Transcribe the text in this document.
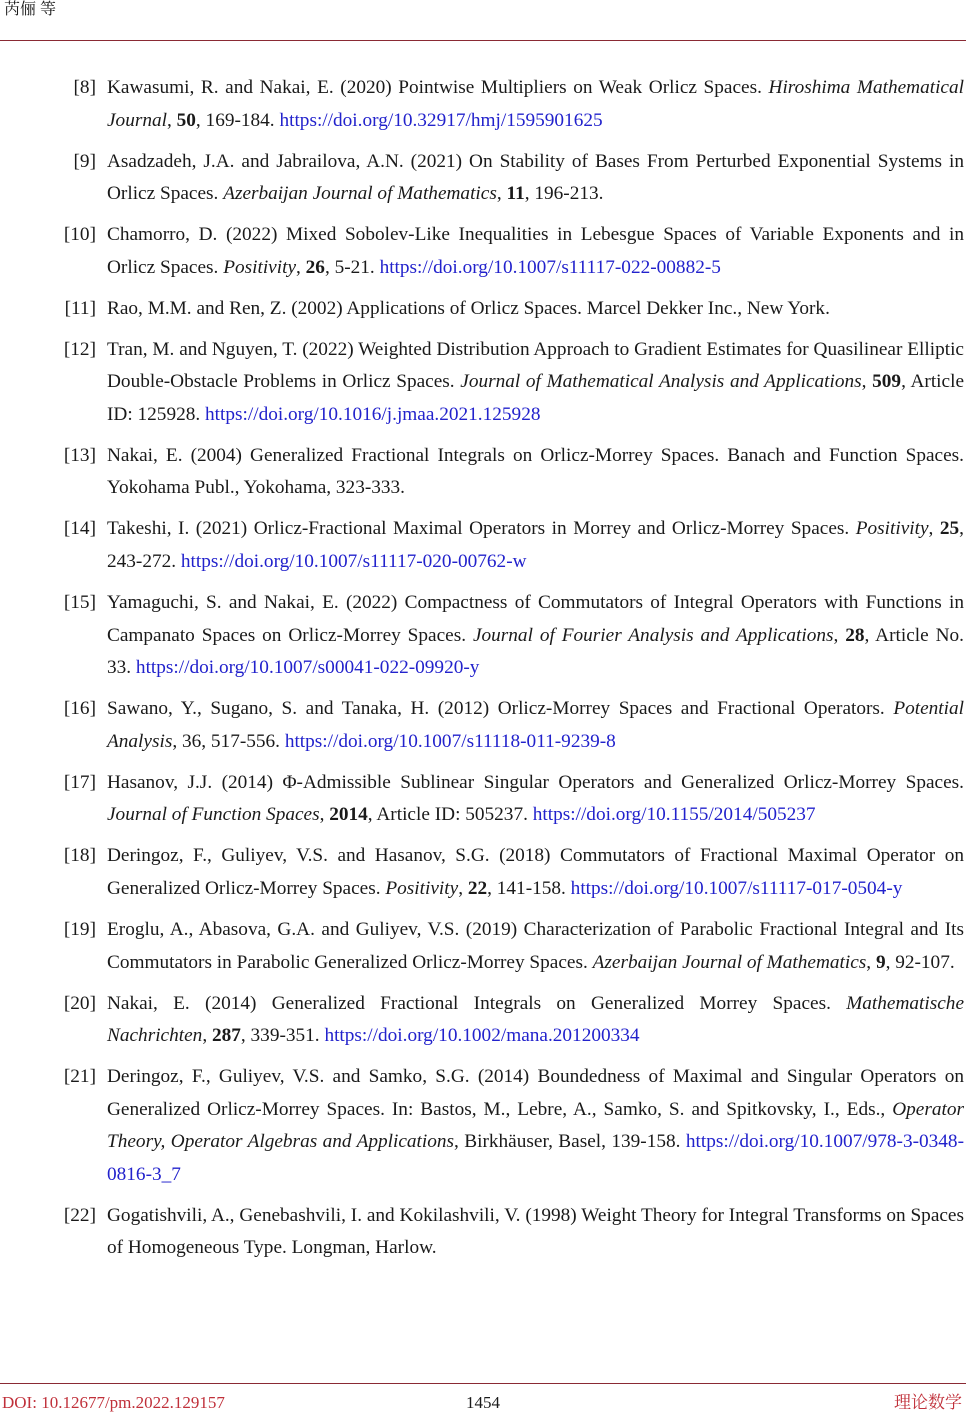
芮俪 等
[8] Kawasumi, R. and Nakai, E. (2020) Pointwise Multipliers on Weak Orlicz Spaces. Hiroshima Mathematical Journal, 50, 169-184. https://doi.org/10.32917/hmj/1595901625
[9] Asadzadeh, J.A. and Jabrailova, A.N. (2021) On Stability of Bases From Perturbed Exponential Systems in Orlicz Spaces. Azerbaijan Journal of Mathematics, 11, 196-213.
[10] Chamorro, D. (2022) Mixed Sobolev-Like Inequalities in Lebesgue Spaces of Variable Exponents and in Orlicz Spaces. Positivity, 26, 5-21. https://doi.org/10.1007/s11117-022-00882-5
[11] Rao, M.M. and Ren, Z. (2002) Applications of Orlicz Spaces. Marcel Dekker Inc., New York.
[12] Tran, M. and Nguyen, T. (2022) Weighted Distribution Approach to Gradient Estimates for Quasilinear Elliptic Double-Obstacle Problems in Orlicz Spaces. Journal of Mathematical Analysis and Applications, 509, Article ID: 125928. https://doi.org/10.1016/j.jmaa.2021.125928
[13] Nakai, E. (2004) Generalized Fractional Integrals on Orlicz-Morrey Spaces. Banach and Function Spaces. Yokohama Publ., Yokohama, 323-333.
[14] Takeshi, I. (2021) Orlicz-Fractional Maximal Operators in Morrey and Orlicz-Morrey Spaces. Positivity, 25, 243-272. https://doi.org/10.1007/s11117-020-00762-w
[15] Yamaguchi, S. and Nakai, E. (2022) Compactness of Commutators of Integral Operators with Functions in Campanato Spaces on Orlicz-Morrey Spaces. Journal of Fourier Analysis and Applications, 28, Article No. 33. https://doi.org/10.1007/s00041-022-09920-y
[16] Sawano, Y., Sugano, S. and Tanaka, H. (2012) Orlicz-Morrey Spaces and Fractional Operators. Potential Analysis, 36, 517-556. https://doi.org/10.1007/s11118-011-9239-8
[17] Hasanov, J.J. (2014) Φ-Admissible Sublinear Singular Operators and Generalized Orlicz-Morrey Spaces. Journal of Function Spaces, 2014, Article ID: 505237. https://doi.org/10.1155/2014/505237
[18] Deringoz, F., Guliyev, V.S. and Hasanov, S.G. (2018) Commutators of Fractional Maximal Operator on Generalized Orlicz-Morrey Spaces. Positivity, 22, 141-158. https://doi.org/10.1007/s11117-017-0504-y
[19] Eroglu, A., Abasova, G.A. and Guliyev, V.S. (2019) Characterization of Parabolic Fractional Integral and Its Commutators in Parabolic Generalized Orlicz-Morrey Spaces. Azerbaijan Journal of Mathematics, 9, 92-107.
[20] Nakai, E. (2014) Generalized Fractional Integrals on Generalized Morrey Spaces. Mathematische Nachrichten, 287, 339-351. https://doi.org/10.1002/mana.201200334
[21] Deringoz, F., Guliyev, V.S. and Samko, S.G. (2014) Boundedness of Maximal and Singular Operators on Generalized Orlicz-Morrey Spaces. In: Bastos, M., Lebre, A., Samko, S. and Spitkovsky, I., Eds., Operator Theory, Operator Algebras and Applications, Birkhäuser, Basel, 139-158. https://doi.org/10.1007/978-3-0348-0816-3_7
[22] Gogatishvili, A., Genebashvili, I. and Kokilashvili, V. (1998) Weight Theory for Integral Transforms on Spaces of Homogeneous Type. Longman, Harlow.
DOI: 10.12677/pm.2022.129157	1454	理论数学
